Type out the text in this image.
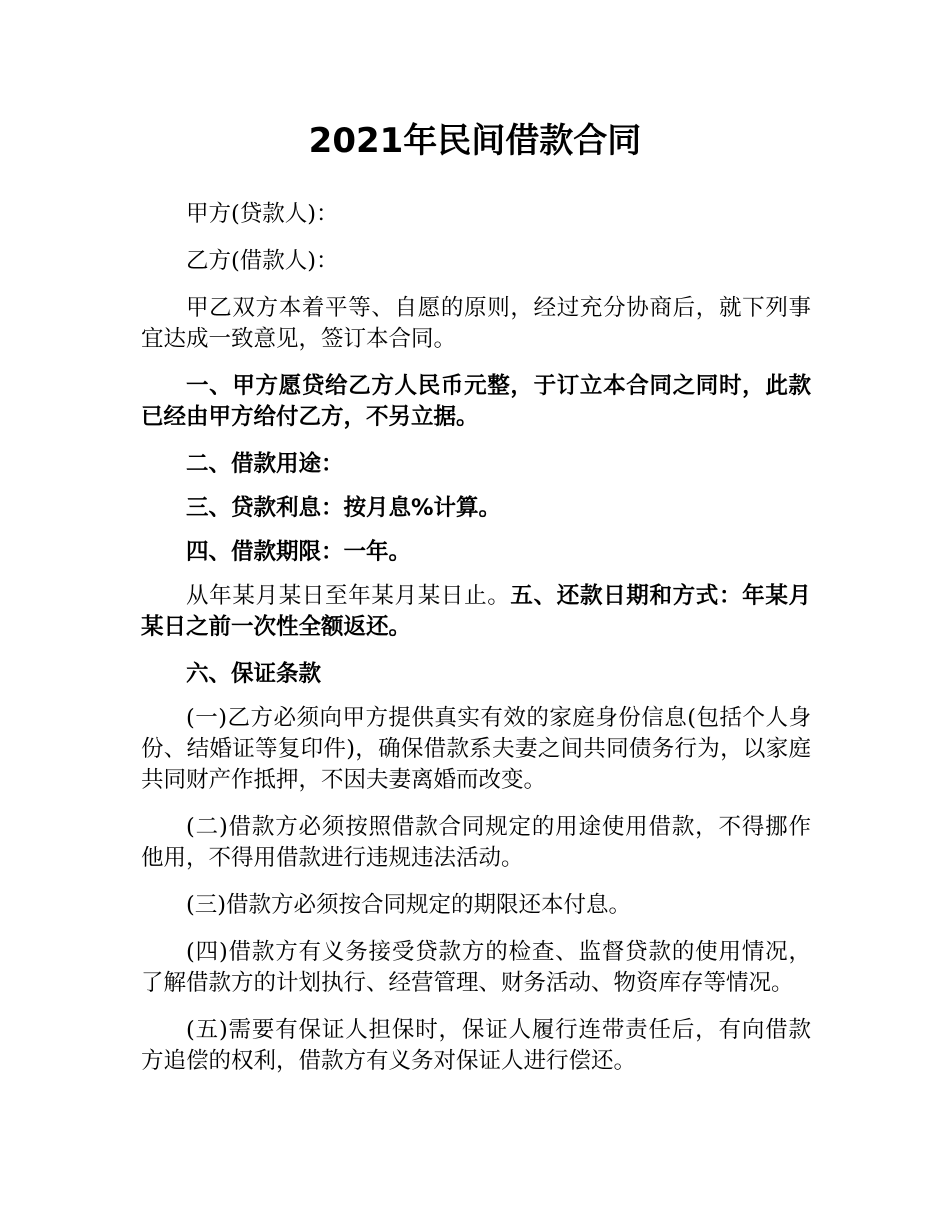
2021年民间借款合同

甲方(贷款人)：

乙方(借款人)：

甲乙双方本着平等、自愿的原则，经过充分协商后，就下列事宜达成一致意见，签订本合同。

一、甲方愿贷给乙方人民币元整，于订立本合同之同时，此款已经由甲方给付乙方，不另立据。

二、借款用途：

三、贷款利息：按月息%计算。

四、借款期限：一年。

从年某月某日至年某月某日止。五、还款日期和方式：年某月某日之前一次性全额返还。

六、保证条款

(一)乙方必须向甲方提供真实有效的家庭身份信息(包括个人身份、结婚证等复印件)，确保借款系夫妻之间共同债务行为，以家庭共同财产作抵押，不因夫妻离婚而改变。

(二)借款方必须按照借款合同规定的用途使用借款，不得挪作他用，不得用借款进行违规违法活动。

(三)借款方必须按合同规定的期限还本付息。

(四)借款方有义务接受贷款方的检查、监督贷款的使用情况，了解借款方的计划执行、经营管理、财务活动、物资库存等情况。

(五)需要有保证人担保时，保证人履行连带责任后，有向借款方追偿的权利，借款方有义务对保证人进行偿还。
